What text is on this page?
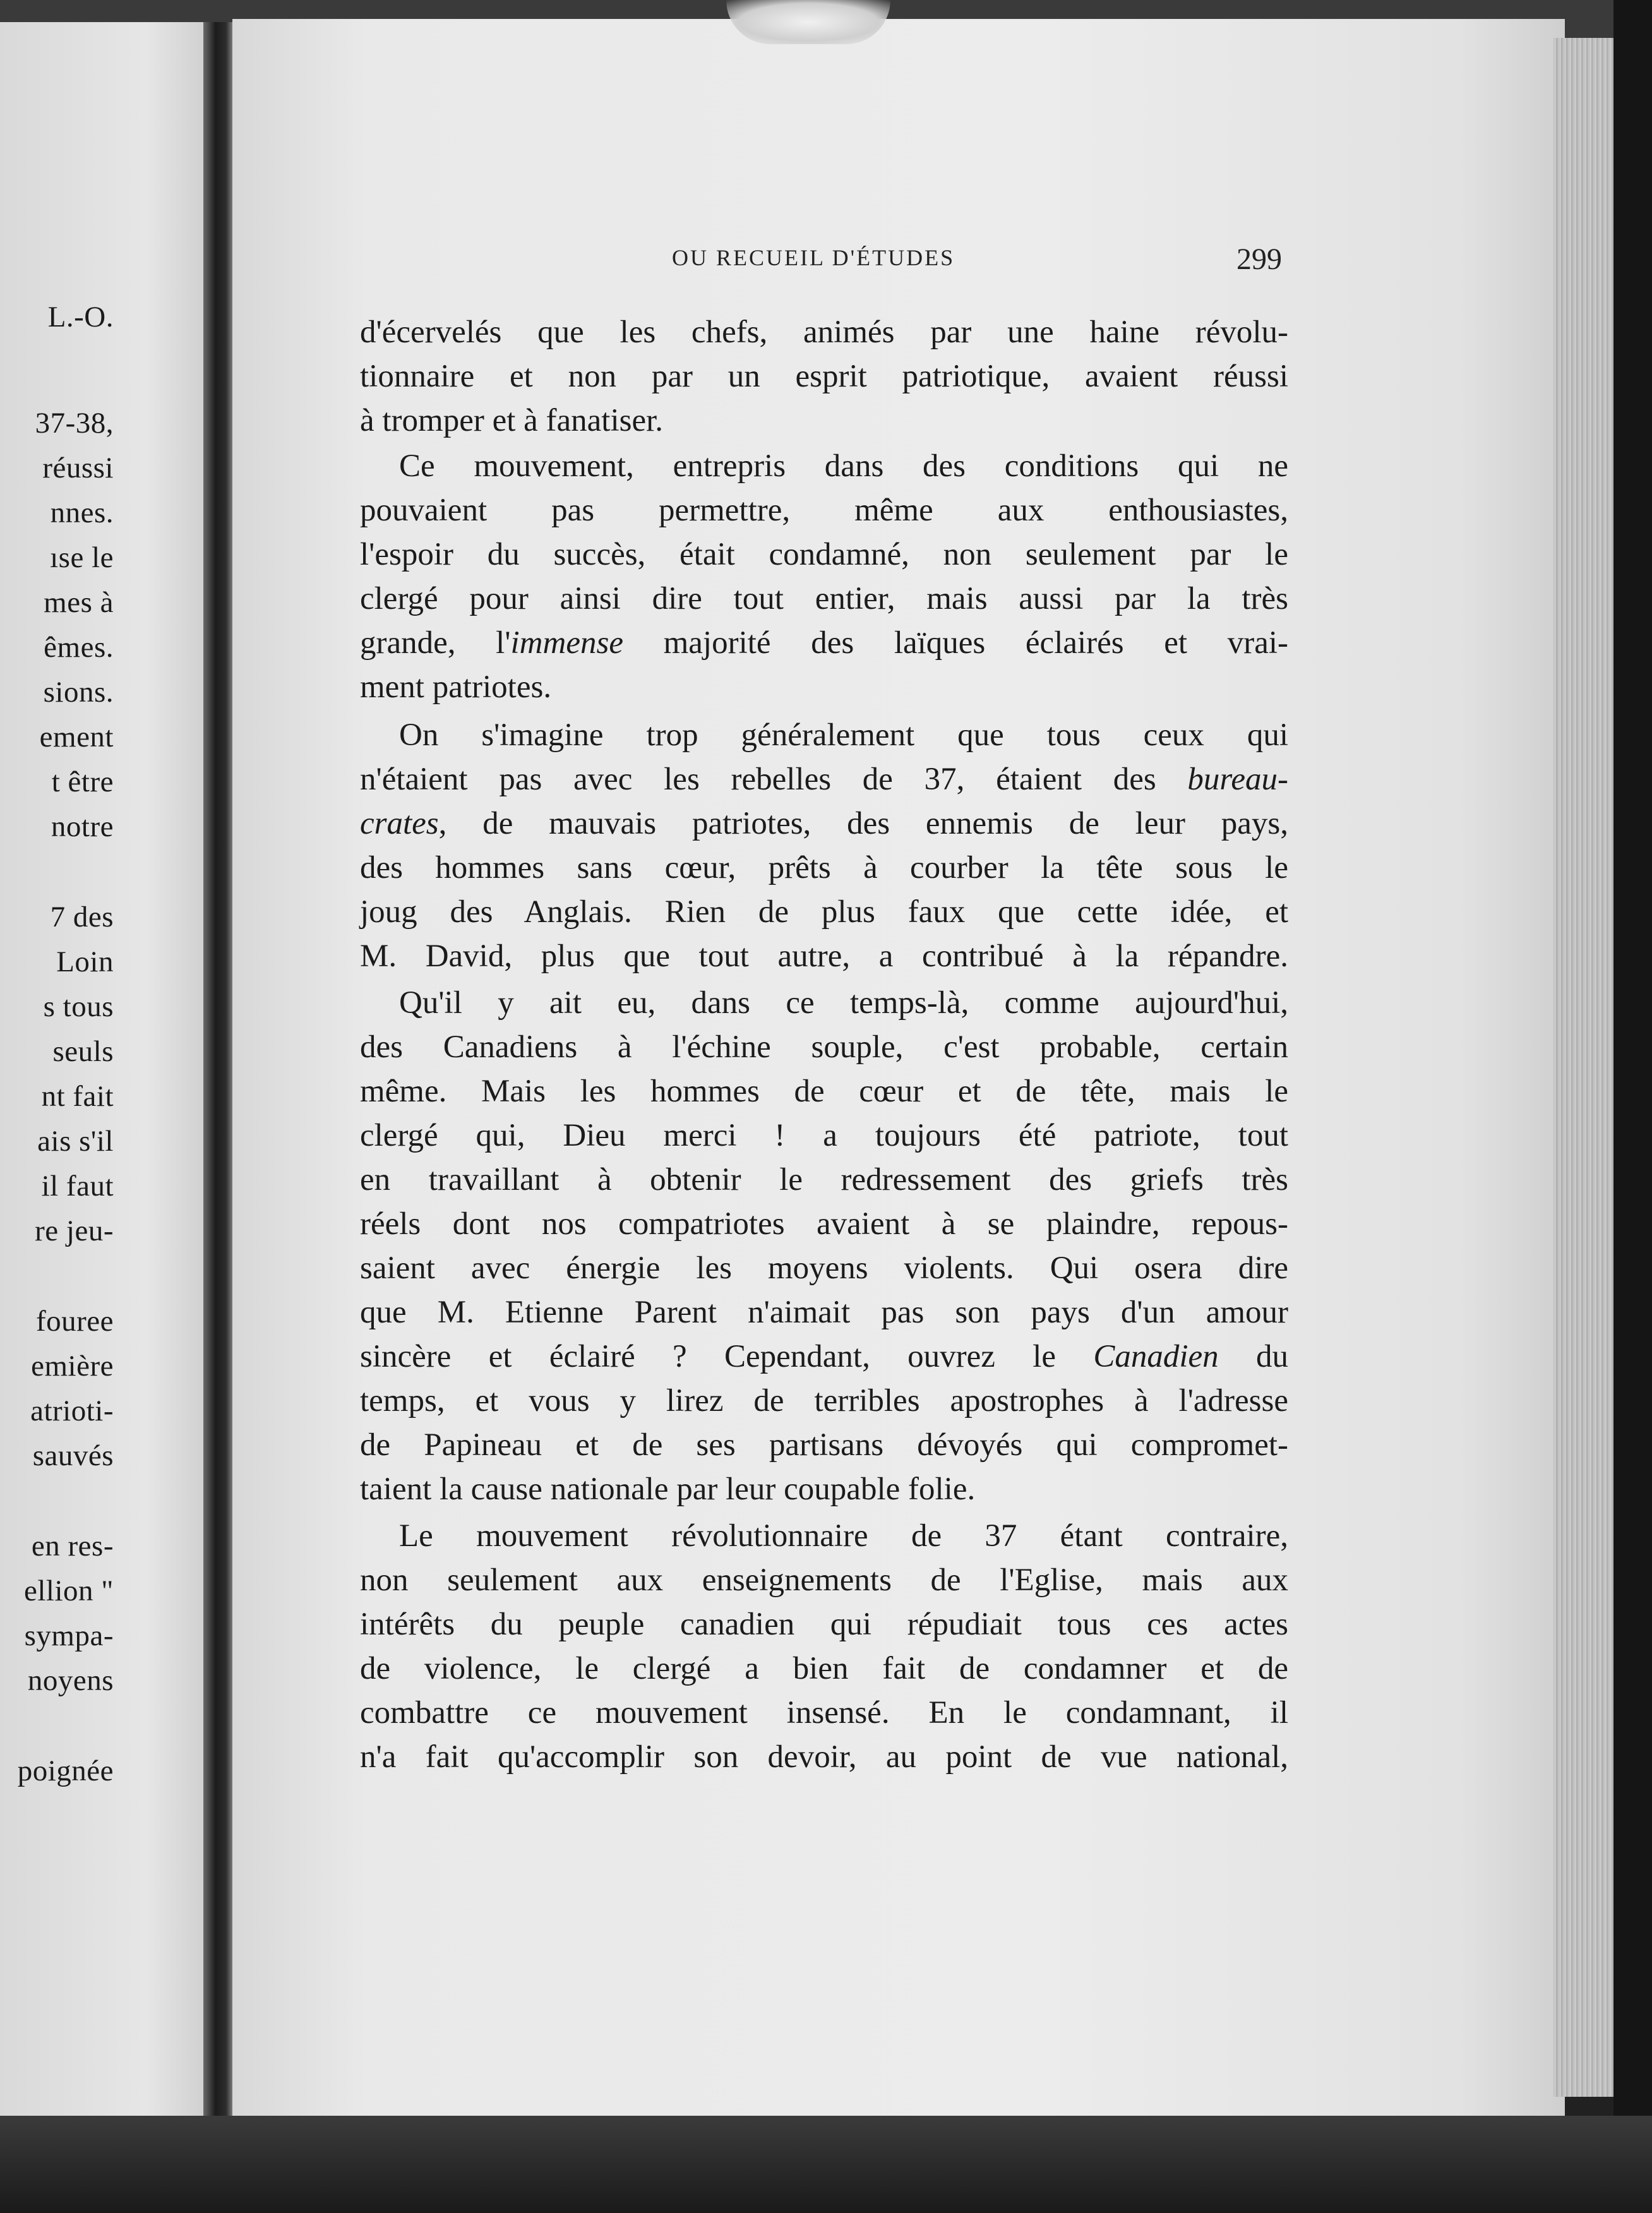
L.-O.
37-38,
réussi
nnes.
ıse le
mes à
êmes.
sions.
ement
t être
notre
7 des
Loin
s tous
seuls
nt fait
ais s'il
il faut
re jeu-
fouree
emière
atrioti-
sauvés
en res-
ellion "
sympa-
noyens
poignée
OU RECUEIL D'ÉTUDES	299
d'écervelés que les chefs, animés par une haine révolu-
tionnaire et non par un esprit patriotique, avaient réussi
à tromper et à fanatiser.
Ce mouvement, entrepris dans des conditions qui ne
pouvaient pas permettre, même aux enthousiastes,
l'espoir du succès, était condamné, non seulement par le
clergé pour ainsi dire tout entier, mais aussi par la très
grande, l'immense majorité des laïques éclairés et vrai-
ment patriotes.
On s'imagine trop généralement que tous ceux qui
n'étaient pas avec les rebelles de 37, étaient des bureau-
crates, de mauvais patriotes, des ennemis de leur pays,
des hommes sans cœur, prêts à courber la tête sous le
joug des Anglais. Rien de plus faux que cette idée, et
M. David, plus que tout autre, a contribué à la répandre.
Qu'il y ait eu, dans ce temps-là, comme aujourd'hui,
des Canadiens à l'échine souple, c'est probable, certain
même. Mais les hommes de cœur et de tête, mais le
clergé qui, Dieu merci ! a toujours été patriote, tout
en travaillant à obtenir le redressement des griefs très
réels dont nos compatriotes avaient à se plaindre, repous-
saient avec énergie les moyens violents. Qui osera dire
que M. Etienne Parent n'aimait pas son pays d'un amour
sincère et éclairé ? Cependant, ouvrez le Canadien du
temps, et vous y lirez de terribles apostrophes à l'adresse
de Papineau et de ses partisans dévoyés qui compromet-
taient la cause nationale par leur coupable folie.
Le mouvement révolutionnaire de 37 étant contraire,
non seulement aux enseignements de l'Eglise, mais aux
intérêts du peuple canadien qui répudiait tous ces actes
de violence, le clergé a bien fait de condamner et de
combattre ce mouvement insensé. En le condamnant, il
n'a fait qu'accomplir son devoir, au point de vue national,
